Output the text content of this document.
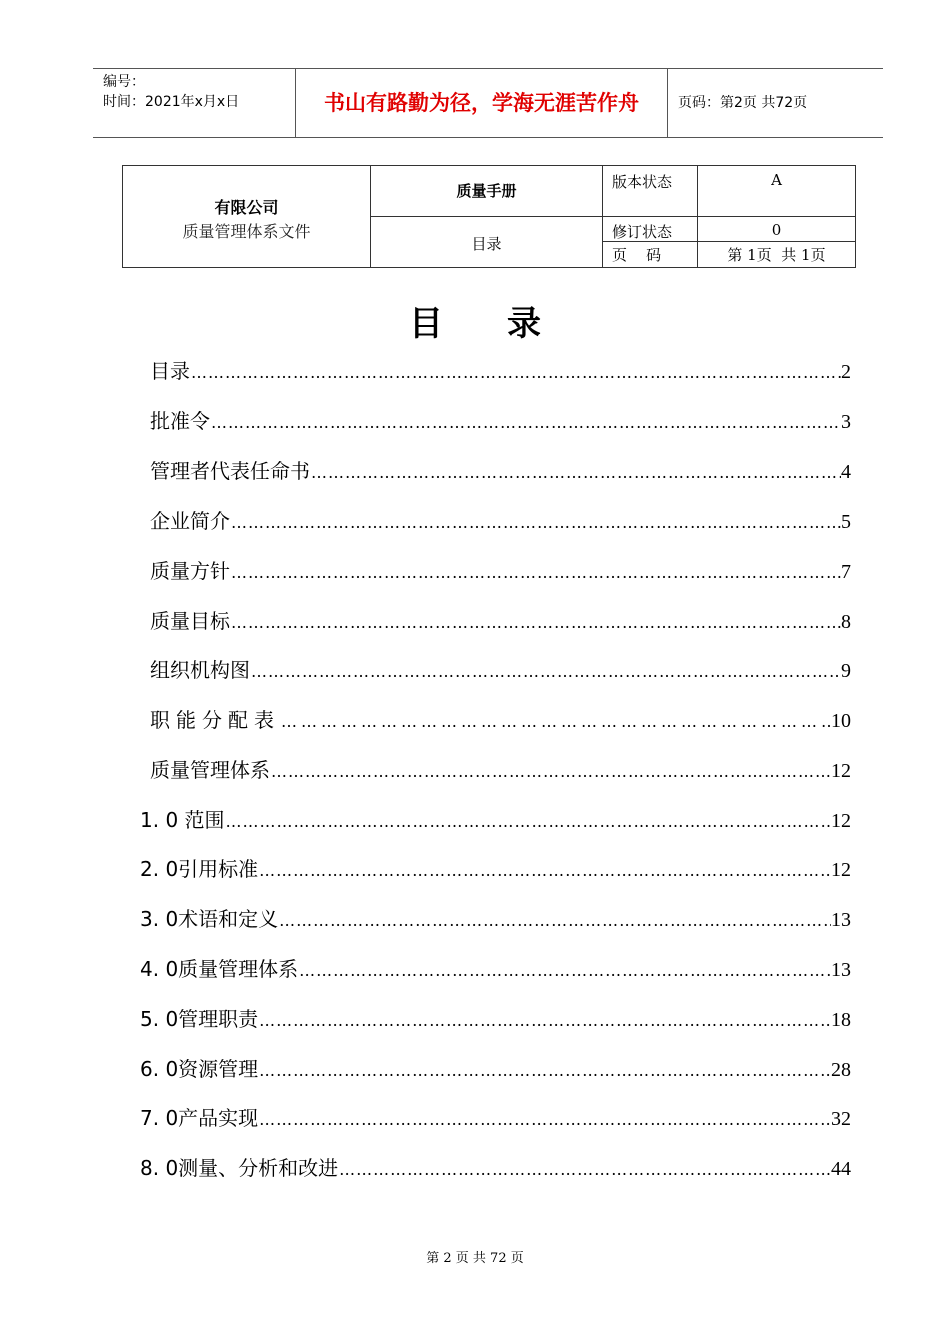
编号：
时间：2021年x月x日	书山有路勤为径，学海无涯苦作舟	页码：第2页 共72页
有限公司
质量管理体系文件
质量手册
目录
版本状态	A
修订状态	0
页    码	第 1页  共 1页
目 录
目录 ……………………………………………………………………………………………………………………………………	2
批准令 ……………………………………………………………………………………………………………………………………	3
管理者代表任命书 ……………………………………………………………………………………………………………………………………	4
企业简介 ……………………………………………………………………………………………………………………………………	5
质量方针 ……………………………………………………………………………………………………………………………………	7
质量目标 ……………………………………………………………………………………………………………………………………	8
组织机构图 ……………………………………………………………………………………………………………………………………	9
职能分配表 ……………………………………………………………………………………………………………………………………	10
质量管理体系 ……………………………………………………………………………………………………………………………………	12
1. 0 范围 ……………………………………………………………………………………………………………………………………	12
2. 0引用标准 ……………………………………………………………………………………………………………………………………	12
3. 0术语和定义 ……………………………………………………………………………………………………………………………………	13
4. 0质量管理体系 ……………………………………………………………………………………………………………………………………	13
5. 0管理职责 ……………………………………………………………………………………………………………………………………	18
6. 0资源管理 ……………………………………………………………………………………………………………………………………	28
7. 0产品实现 ……………………………………………………………………………………………………………………………………	32
8. 0测量、分析和改进 ……………………………………………………………………………………………………………………………………	44
第 2 页 共 72 页
